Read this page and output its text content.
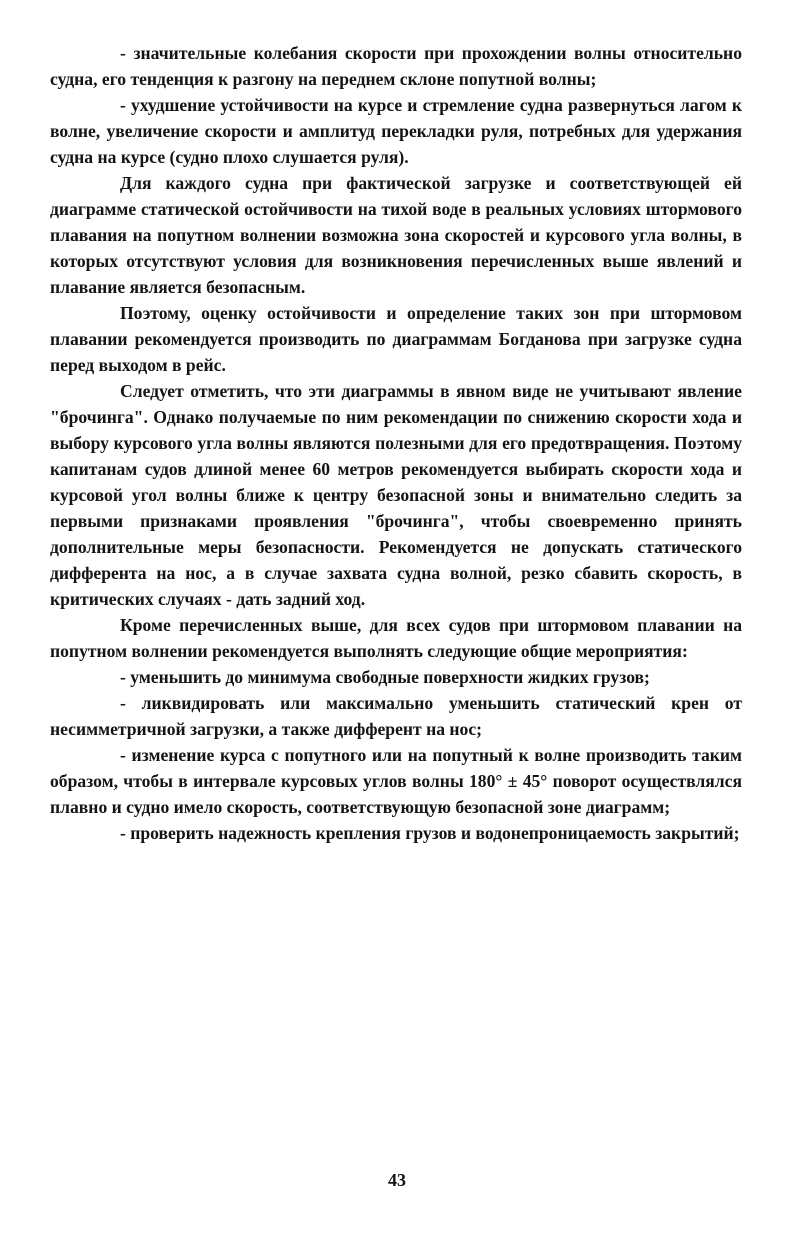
- значительные колебания скорости при прохождении волны относительно судна, его тенденция к разгону на переднем склоне попутной волны;

- ухудшение устойчивости на курсе и стремление судна развернуться лагом к волне, увеличение скорости и амплитуд перекладки руля, потребных для удержания судна на курсе (судно плохо слушается руля).

Для каждого судна при фактической загрузке и соответствующей ей диаграмме статической остойчивости на тихой воде в реальных условиях штормового плавания на попутном волнении возможна зона скоростей и курсового угла волны, в которых отсутствуют условия для возникновения перечисленных выше явлений и плавание является безопасным.

Поэтому, оценку остойчивости и определение таких зон при штормовом плавании рекомендуется производить по диаграммам Богданова при загрузке судна перед выходом в рейс.

Следует отметить, что эти диаграммы в явном виде не учитывают явление "брочинга". Однако получаемые по ним рекомендации по снижению скорости хода и выбору курсового угла волны являются полезными для его предотвращения. Поэтому капитанам судов длиной менее 60 метров рекомендуется выбирать скорости хода и курсовой угол волны ближе к центру безопасной зоны и внимательно следить за первыми признаками проявления "брочинга", чтобы своевременно принять дополнительные меры безопасности. Рекомендуется не допускать статического дифферента на нос, а в случае захвата судна волной, резко сбавить скорость, в критических случаях - дать задний ход.

Кроме перечисленных выше, для всех судов при штормовом плавании на попутном волнении рекомендуется выполнять следующие общие мероприятия:

- уменьшить до минимума свободные поверхности жидких грузов;

- ликвидировать или максимально уменьшить статический крен от несимметричной загрузки, а также дифферент на нос;

- изменение курса с попутного или на попутный к волне производить таким образом, чтобы в интервале курсовых углов волны 180° ± 45° поворот осуществлялся плавно и судно имело скорость, соответствующую безопасной зоне диаграмм;

- проверить надежность крепления грузов и водонепроницаемость закрытий;

43
